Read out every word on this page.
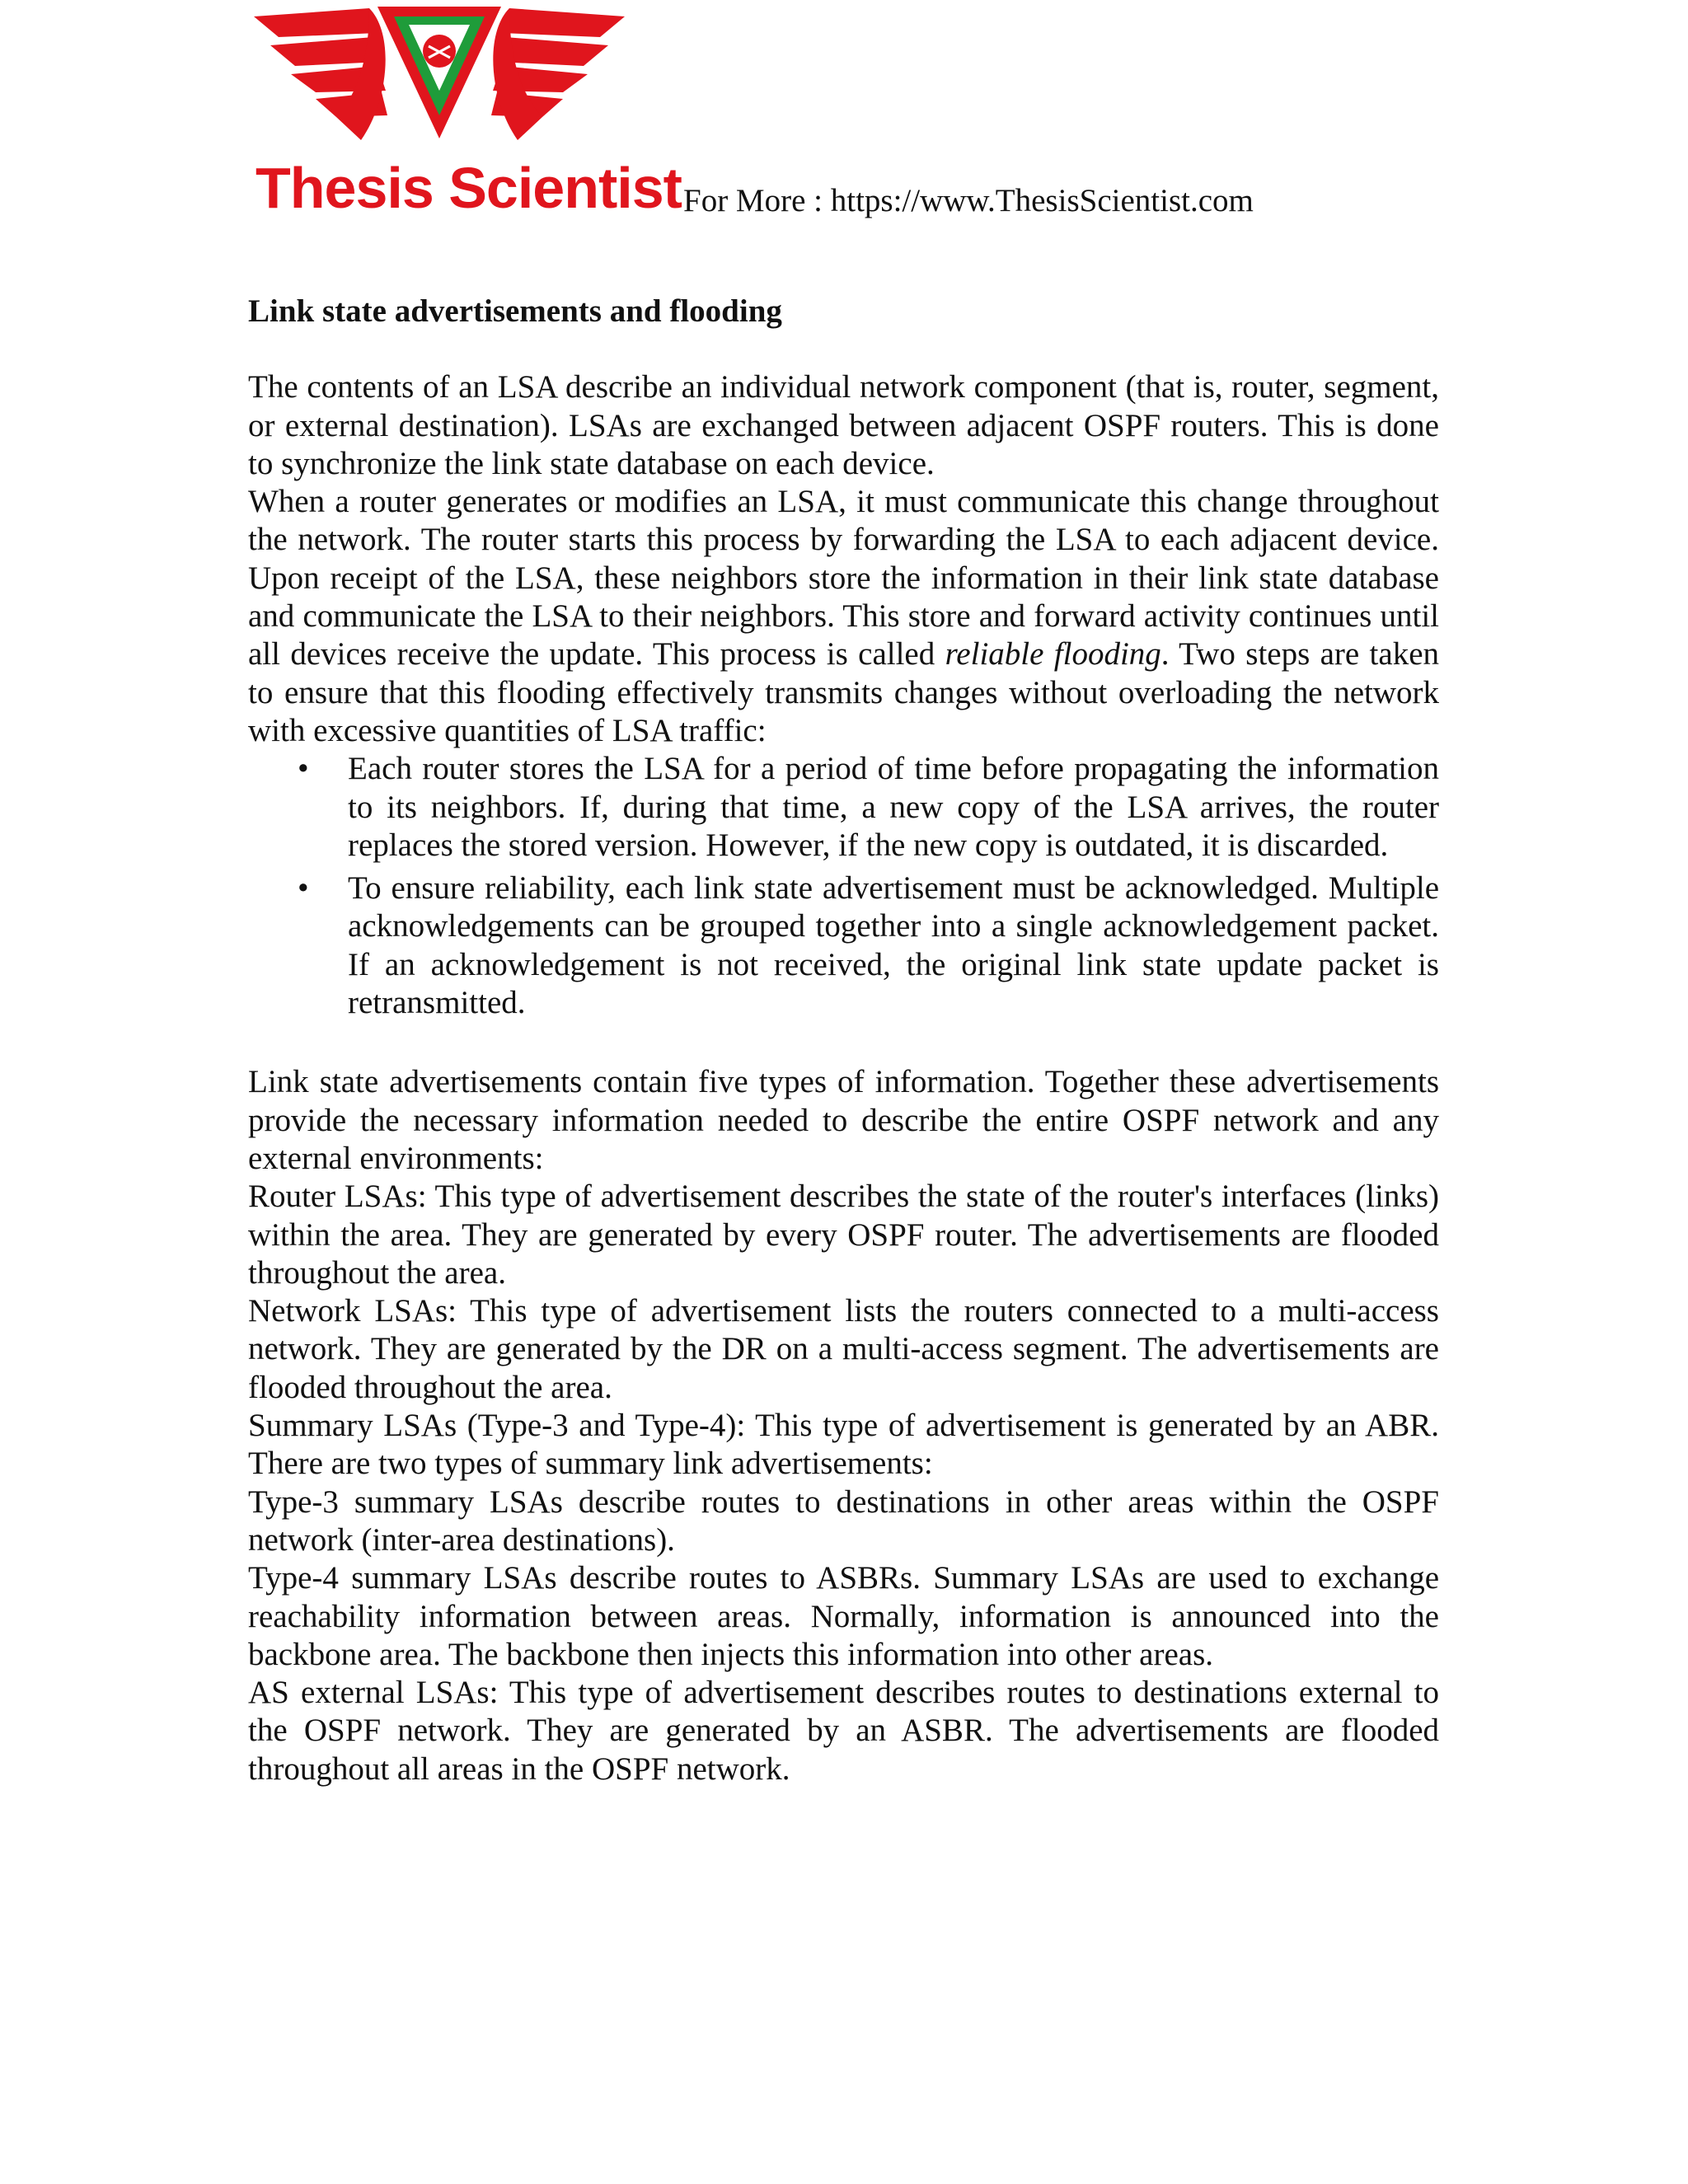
Thesis Scientist For More : https://www.ThesisScientist.com

Link state advertisements and flooding

The contents of an LSA describe an individual network component (that is, router, segment, or external destination). LSAs are exchanged between adjacent OSPF routers. This is done to synchronize the link state database on each device.

When a router generates or modifies an LSA, it must communicate this change throughout the network. The router starts this process by forwarding the LSA to each adjacent device. Upon receipt of the LSA, these neighbors store the information in their link state database and communicate the LSA to their neighbors. This store and forward activity continues until all devices receive the update. This process is called reliable flooding. Two steps are taken to ensure that this flooding effectively transmits changes without overloading the network with excessive quantities of LSA traffic:

• Each router stores the LSA for a period of time before propagating the information to its neighbors. If, during that time, a new copy of the LSA arrives, the router replaces the stored version. However, if the new copy is outdated, it is discarded.
• To ensure reliability, each link state advertisement must be acknowledged. Multiple acknowledgements can be grouped together into a single acknowledgement packet. If an acknowledgement is not received, the original link state update packet is retransmitted.

Link state advertisements contain five types of information. Together these advertisements provide the necessary information needed to describe the entire OSPF network and any external environments:

Router LSAs: This type of advertisement describes the state of the router's interfaces (links) within the area. They are generated by every OSPF router. The advertisements are flooded throughout the area.

Network LSAs: This type of advertisement lists the routers connected to a multi-access network. They are generated by the DR on a multi-access segment. The advertisements are flooded throughout the area.

Summary LSAs (Type-3 and Type-4): This type of advertisement is generated by an ABR. There are two types of summary link advertisements:

Type-3 summary LSAs describe routes to destinations in other areas within the OSPF network (inter-area destinations).

Type-4 summary LSAs describe routes to ASBRs. Summary LSAs are used to exchange reachability information between areas. Normally, information is announced into the backbone area. The backbone then injects this information into other areas.

AS external LSAs: This type of advertisement describes routes to destinations external to the OSPF network. They are generated by an ASBR. The advertisements are flooded throughout all areas in the OSPF network.
